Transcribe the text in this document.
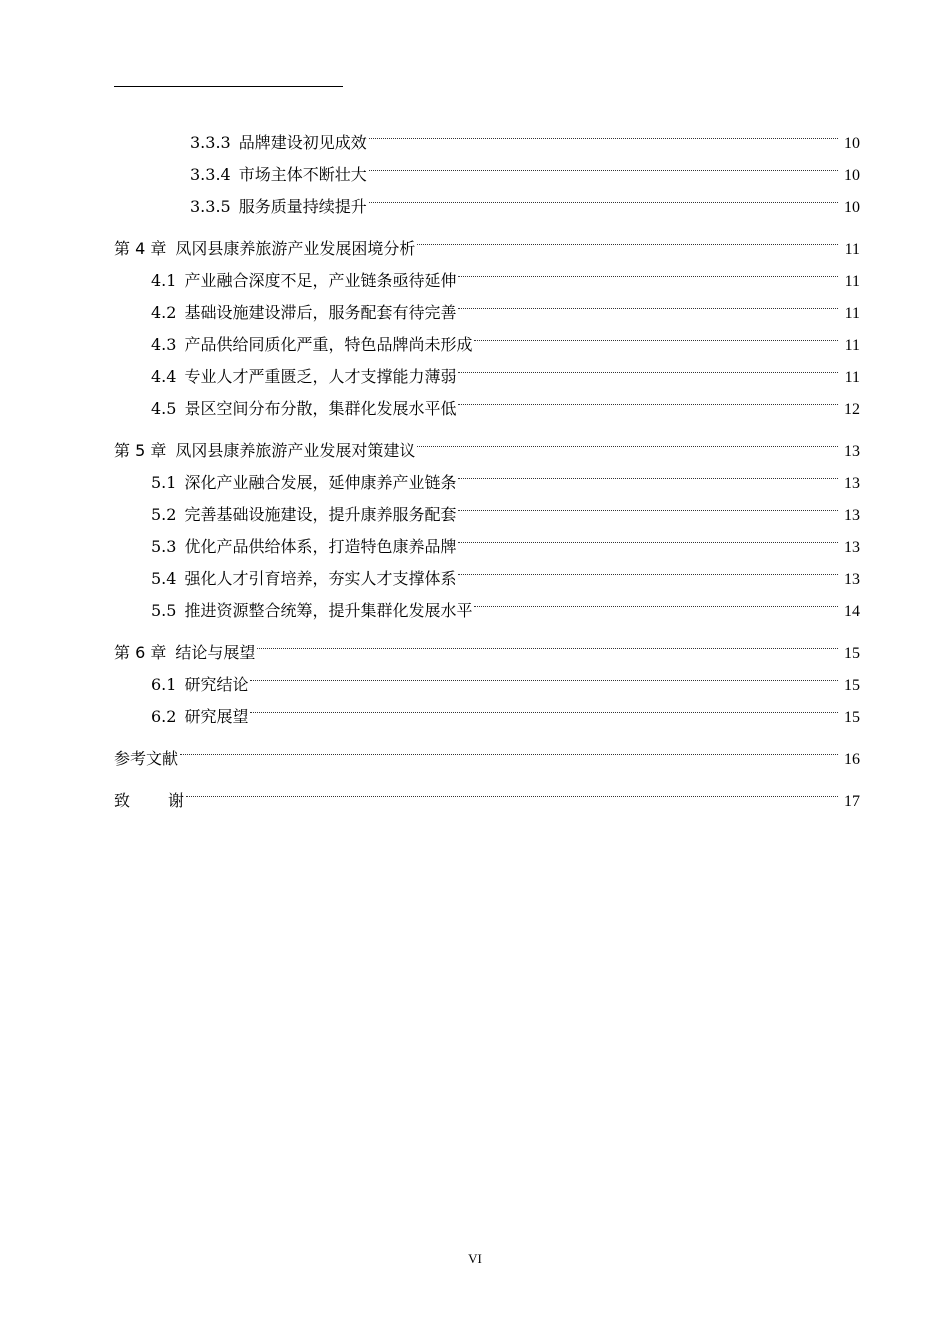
3.3.3 品牌建设初见成效	10
3.3.4 市场主体不断壮大	10
3.3.5 服务质量持续提升	10
第 4 章 凤冈县康养旅游产业发展困境分析	11
4.1 产业融合深度不足，产业链条亟待延伸	11
4.2 基础设施建设滞后，服务配套有待完善	11
4.3 产品供给同质化严重，特色品牌尚未形成	11
4.4 专业人才严重匮乏，人才支撑能力薄弱	11
4.5 景区空间分布分散，集群化发展水平低	12
第 5 章 凤冈县康养旅游产业发展对策建议	13
5.1 深化产业融合发展，延伸康养产业链条	13
5.2 完善基础设施建设，提升康养服务配套	13
5.3 优化产品供给体系，打造特色康养品牌	13
5.4 强化人才引育培养，夯实人才支撑体系	13
5.5 推进资源整合统筹，提升集群化发展水平	14
第 6 章 结论与展望	15
6.1 研究结论	15
6.2 研究展望	15
参考文献	16
致 谢	17
VI
